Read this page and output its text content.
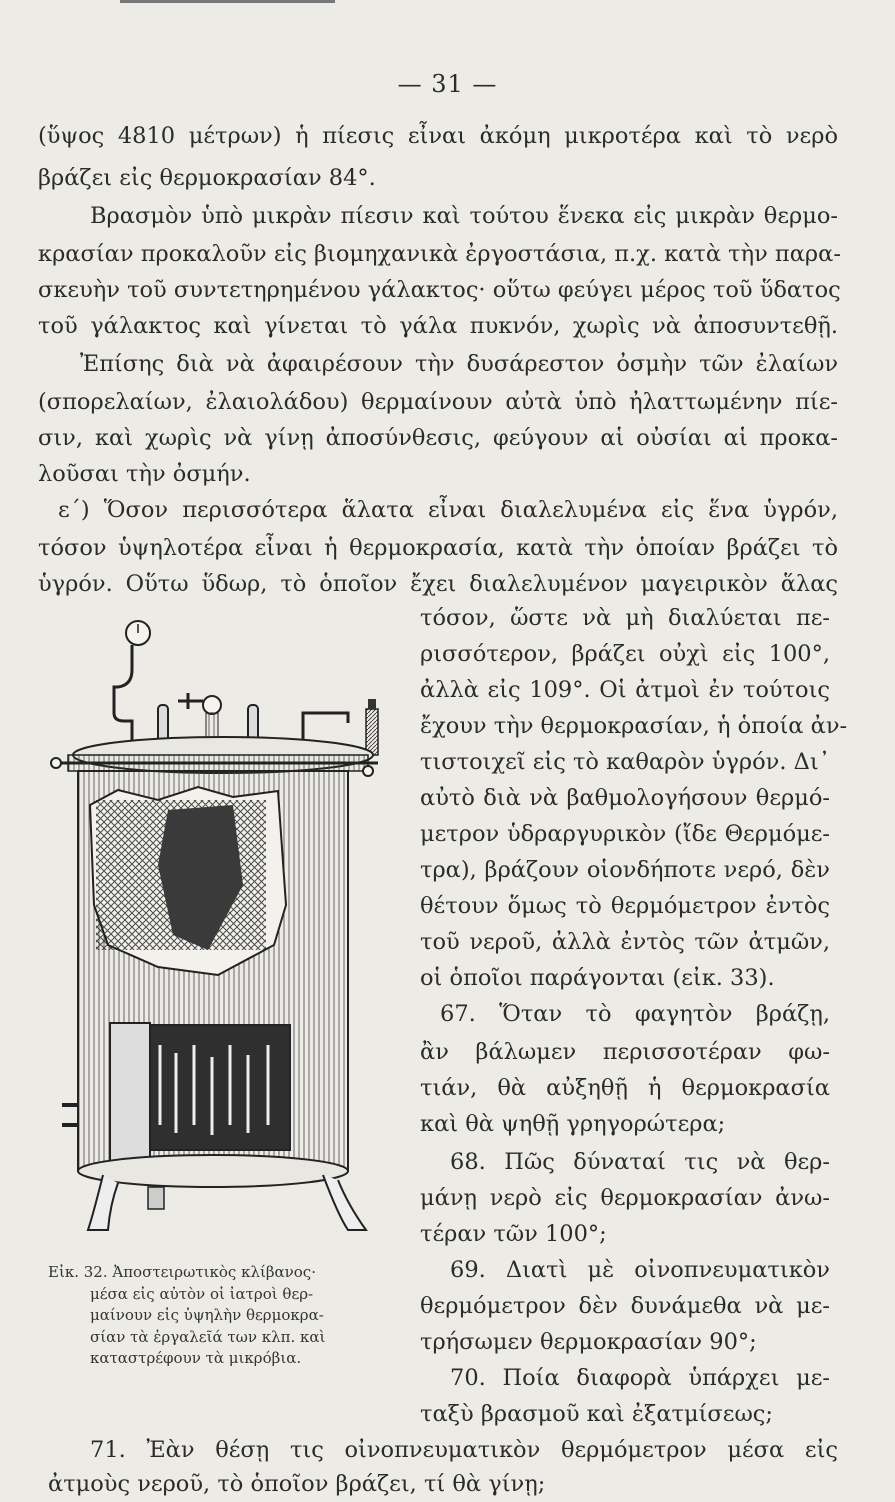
— 31 —
(ὕψος 4810 μέτρων) ἡ πίεσις εἶναι ἀκόμη μικροτέρα καὶ τὸ νερὸ
βράζει εἰς θερμοκρασίαν 84°.
Βρασμὸν ὑπὸ μικρὰν πίεσιν καὶ τούτου ἕνεκα εἰς μικρὰν θερμο-
κρασίαν προκαλοῦν εἰς βιομηχανικὰ ἐργοστάσια, π.χ. κατὰ τὴν παρα-
σκευὴν τοῦ συντετηρημένου γάλακτος· οὕτω φεύγει μέρος τοῦ ὕδατος
τοῦ γάλακτος καὶ γίνεται τὸ γάλα πυκνόν, χωρὶς νὰ ἀποσυντεθῇ.
Ἐπίσης διὰ νὰ ἀφαιρέσουν τὴν δυσάρεστον ὀσμὴν τῶν ἐλαίων
(σπορελαίων, ἐλαιολάδου) θερμαίνουν αὐτὰ ὑπὸ ἠλαττωμένην πίε-
σιν, καὶ χωρὶς νὰ γίνῃ ἀποσύνθεσις, φεύγουν αἱ οὐσίαι αἱ προκα-
λοῦσαι τὴν ὀσμήν.
ε΄) Ὅσον περισσότερα ἅλατα εἶναι διαλελυμένα εἰς ἕνα ὑγρόν,
τόσον ὑψηλοτέρα εἶναι ἡ θερμοκρασία, κατὰ τὴν ὁποίαν βράζει τὸ
ὑγρόν. Οὕτω ὕδωρ, τὸ ὁποῖον ἔχει διαλελυμένον μαγειρικὸν ἅλας
τόσον, ὥστε νὰ μὴ διαλύεται πε-
ρισσότερον, βράζει οὐχὶ εἰς 100°,
ἀλλὰ εἰς 109°. Οἱ ἀτμοὶ ἐν τούτοις
ἔχουν τὴν θερμοκρασίαν, ἡ ὁποία ἀν-
τιστοιχεῖ εἰς τὸ καθαρὸν ὑγρόν. Δι᾿
αὐτὸ διὰ νὰ βαθμολογήσουν θερμό-
μετρον ὑδραργυρικὸν (ἴδε Θερμόμε-
τρα), βράζουν οἱονδήποτε νερό, δὲν
θέτουν ὅμως τὸ θερμόμετρον ἐντὸς
τοῦ νεροῦ, ἀλλὰ ἐντὸς τῶν ἀτμῶν,
οἱ ὁποῖοι παράγονται (εἰκ. 33).
67. Ὅταν τὸ φαγητὸν βράζῃ,
ἂν βάλωμεν περισσοτέραν φω-
τιάν, θὰ αὐξηθῇ ἡ θερμοκρασία
καὶ θὰ ψηθῇ γρηγορώτερα;
68. Πῶς δύναταί τις νὰ θερ-
μάνῃ νερὸ εἰς θερμοκρασίαν ἀνω-
τέραν τῶν 100°;
69. Διατὶ μὲ οἰνοπνευματικὸν
θερμόμετρον δὲν δυνάμεθα νὰ με-
τρήσωμεν θερμοκρασίαν 90°;
70. Ποία διαφορὰ ὑπάρχει με-
ταξὺ βρασμοῦ καὶ ἐξατμίσεως;
71. Ἐὰν θέσῃ τις οἰνοπνευματικὸν θερμόμετρον μέσα εἰς
ἀτμοὺς νεροῦ, τὸ ὁποῖον βράζει, τί θὰ γίνῃ;
Εἰκ. 32. Ἀποστειρωτικὸς κλίβανος·
μέσα εἰς αὐτὸν οἱ ἰατροὶ θερ-
μαίνουν εἰς ὑψηλὴν θερμοκρα-
σίαν τὰ ἐργαλεῖά των κλπ. καὶ
καταστρέφουν τὰ μικρόβια.
